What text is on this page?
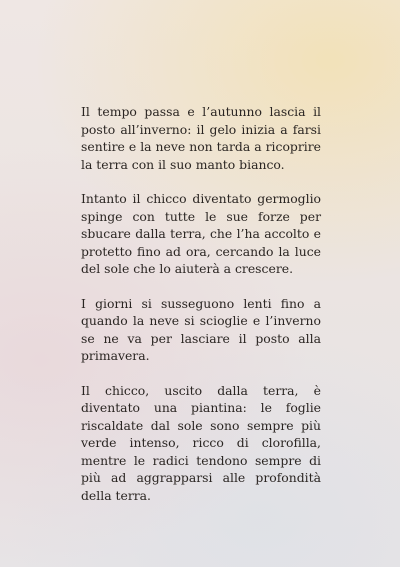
Il tempo passa e l’autunno lascia il posto all’inverno: il gelo inizia a farsi sentire e la neve non tarda a ricoprire la terra con il suo manto bianco.

Intanto il chicco diventato germoglio spinge con tutte le sue forze per sbucare dalla terra, che l’ha accolto e protetto fino ad ora, cercando la luce del sole che lo aiuterà a crescere.

I giorni si susseguono lenti fino a quando la neve si scioglie e l’inverno se ne va per lasciare il posto alla primavera.

Il chicco, uscito dalla terra, è diventato una piantina: le foglie riscaldate dal sole sono sempre più verde intenso, ricco di clorofilla, mentre le radici tendono sempre di più ad aggrapparsi alle profondità della terra.
